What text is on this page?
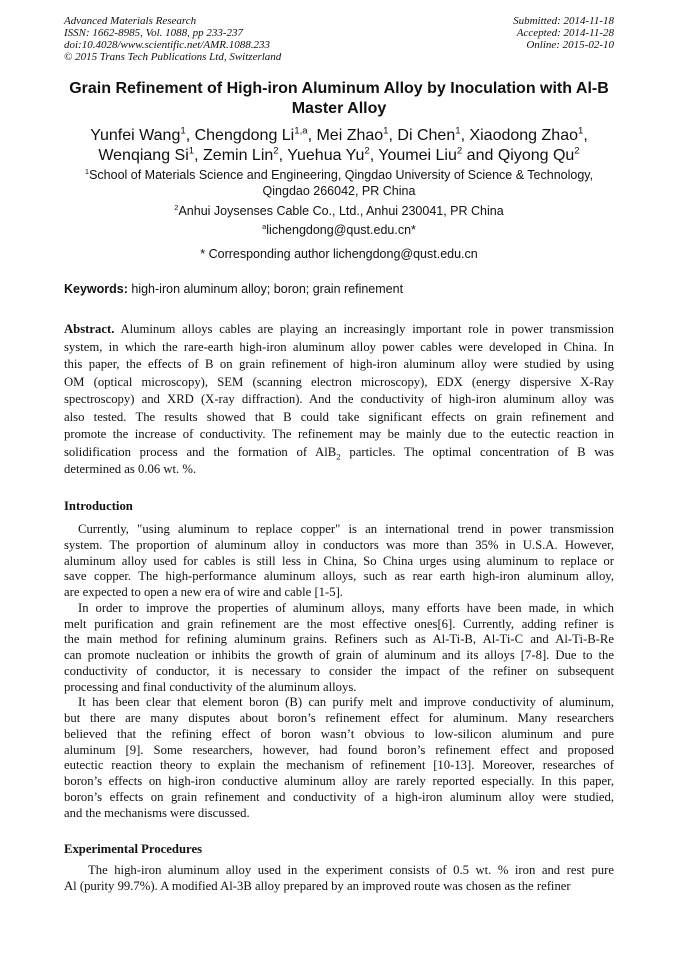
Advanced Materials Research
ISSN: 1662-8985, Vol. 1088, pp 233-237
doi:10.4028/www.scientific.net/AMR.1088.233
© 2015 Trans Tech Publications Ltd, Switzerland
Submitted: 2014-11-18
Accepted: 2014-11-28
Online: 2015-02-10
Grain Refinement of High-iron Aluminum Alloy by Inoculation with Al-B
Master Alloy
Yunfei Wang$^1$, Chengdong Li$^{1,a}$, Mei Zhao$^1$, Di Chen$^1$, Xiaodong Zhao$^1$,
Wenqiang Si$^1$, Zemin Lin$^2$, Yuehua Yu$^2$, Youmei Liu$^2$ and Qiyong Qu$^2$
$^1$School of Materials Science and Engineering, Qingdao University of Science & Technology,
Qingdao 266042, PR China
$^2$Anhui Joysenses Cable Co., Ltd., Anhui 230041, PR China
$^a$lichengdong@qust.edu.cn*
* Corresponding author lichengdong@qust.edu.cn
Keywords: high-iron aluminum alloy; boron; grain refinement
Abstract. Aluminum alloys cables are playing an increasingly important role in power transmission
system, in which the rare-earth high-iron aluminum alloy power cables were developed in China. In
this paper, the effects of B on grain refinement of high-iron aluminum alloy were studied by using
OM (optical microscopy), SEM (scanning electron microscopy), EDX (energy dispersive X-Ray
spectroscopy) and XRD (X-ray diffraction). And the conductivity of high-iron aluminum alloy was
also tested. The results showed that B could take significant effects on grain refinement and
promote the increase of conductivity. The refinement may be mainly due to the eutectic reaction in
solidification process and the formation of AlB$_2$ particles. The optimal concentration of B was
determined as 0.06 wt. %.
Introduction
Currently, "using aluminum to replace copper" is an international trend in power transmission
system. The proportion of aluminum alloy in conductors was more than 35% in U.S.A. However,
aluminum alloy used for cables is still less in China, So China urges using aluminum to replace or
save copper. The high-performance aluminum alloys, such as rear earth high-iron aluminum alloy,
are expected to open a new era of wire and cable [1-5].
In order to improve the properties of aluminum alloys, many efforts have been made, in which
melt purification and grain refinement are the most effective ones[6]. Currently, adding refiner is
the main method for refining aluminum grains. Refiners such as Al-Ti-B, Al-Ti-C and Al-Ti-B-Re
can promote nucleation or inhibits the growth of grain of aluminum and its alloys [7-8]. Due to the
conductivity of conductor, it is necessary to consider the impact of the refiner on subsequent
processing and final conductivity of the aluminum alloys.
It has been clear that element boron (B) can purify melt and improve conductivity of aluminum,
but there are many disputes about boron’s refinement effect for aluminum. Many researchers
believed that the refining effect of boron wasn’t obvious to low-silicon aluminum and pure
aluminum [9]. Some researchers, however, had found boron’s refinement effect and proposed
eutectic reaction theory to explain the mechanism of refinement [10-13]. Moreover, researches of
boron’s effects on high-iron conductive aluminum alloy are rarely reported especially. In this paper,
boron’s effects on grain refinement and conductivity of a high-iron aluminum alloy were studied,
and the mechanisms were discussed.
Experimental Procedures
The high-iron aluminum alloy used in the experiment consists of 0.5 wt. % iron and rest pure
Al (purity 99.7%). A modified Al-3B alloy prepared by an improved route was chosen as the refiner
